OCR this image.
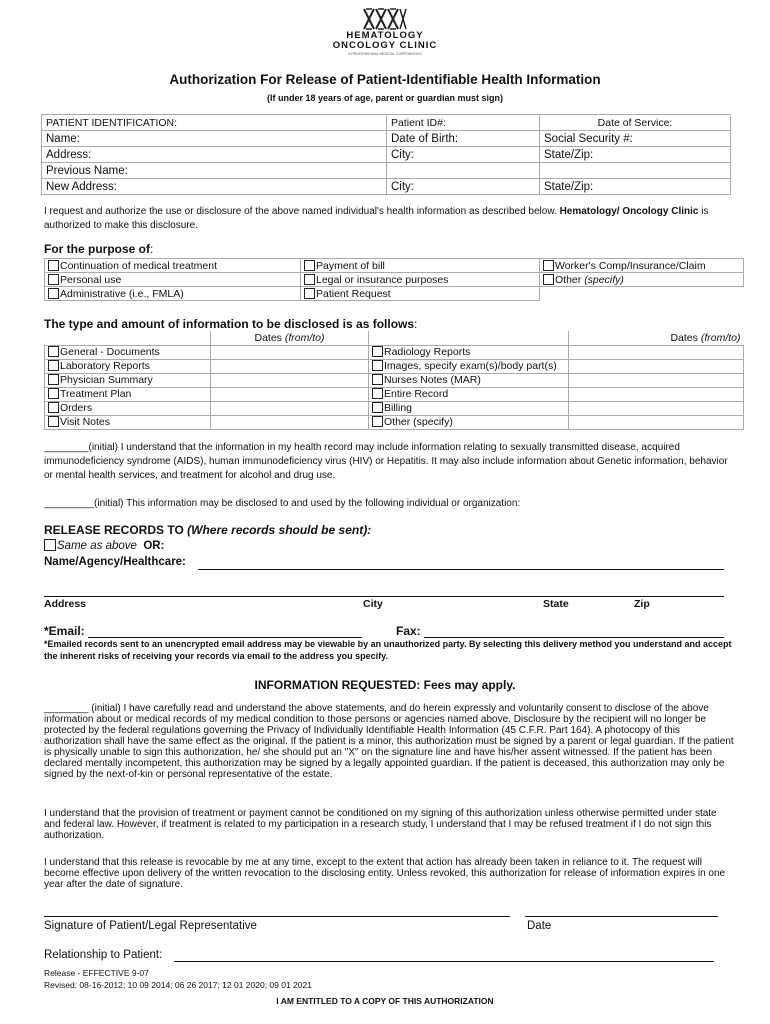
HEMATOLOGY
ONCOLOGY CLINIC
A PROFESSIONAL MEDICAL CORPORATION
Authorization For Release of Patient-Identifiable Health Information
(If under 18 years of age, parent or guardian must sign)
PATIENT IDENTIFICATION:	Patient ID#:	Date of Service:
Name:	Date of Birth:	Social Security #:
Address:	City:	State/Zip:
Previous Name:		
New Address:	City:	State/Zip:
I request and authorize the use or disclosure of the above named individual's health information as described below. Hematology/ Oncology Clinic is authorized to make this disclosure.
For the purpose of:
Continuation of medical treatment	Payment of bill	Worker's Comp/Insurance/Claim
Personal use	Legal or insurance purposes	Other (specify)
Administrative (i.e., FMLA)	Patient Request	
The type and amount of information to be disclosed is as follows:
	Dates (from/to)		Dates (from/to)
General - Documents		Radiology Reports	
Laboratory Reports		Images, specify exam(s)/body part(s)	
Physician Summary		Nurses Notes (MAR)	
Treatment Plan		Entire Record	
Orders		Billing	
Visit Notes		Other (specify)	
________(initial) I understand that the information in my health record may include information relating to sexually transmitted disease, acquired immunodeficiency syndrome (AIDS), human immunodeficiency virus (HIV) or Hepatitis. It may also include information about Genetic information, behavior or mental health services, and treatment for alcohol and drug use.
_________(initial) This information may be disclosed to and used by the following individual or organization:
RELEASE RECORDS TO (Where records should be sent):
Same as above OR:
Name/Agency/Healthcare:
Address	City	State	Zip
*Email:	Fax:
*Emailed records sent to an unencrypted email address may be viewable by an unauthorized party. By selecting this delivery method you understand and accept the inherent risks of receiving your records via email to the address you specify.
INFORMATION REQUESTED: Fees may apply.
________ (initial) I have carefully read and understand the above statements, and do herein expressly and voluntarily consent to disclose of the above information about or medical records of my medical condition to those persons or agencies named above. Disclosure by the recipient will no longer be protected by the federal regulations governing the Privacy of Individually Identifiable Health Information (45 C.F.R. Part 164). A photocopy of this authorization shall have the same effect as the original. If the patient is a minor, this authorization must be signed by a parent or legal guardian. If the patient is physically unable to sign this authorization, he/ she should put an "X" on the signature line and have his/her assent witnessed. If the patient has been declared mentally incompetent, this authorization may be signed by a legally appointed guardian. If the patient is deceased, this authorization may only be signed by the next-of-kin or personal representative of the estate.
I understand that the provision of treatment or payment cannot be conditioned on my signing of this authorization unless otherwise permitted under state and federal law. However, if treatment is related to my participation in a research study, I understand that I may be refused treatment if I do not sign this authorization.
I understand that this release is revocable by me at any time, except to the extent that action has already been taken in reliance to it. The request will become effective upon delivery of the written revocation to the disclosing entity. Unless revoked, this authorization for release of information expires in one year after the date of signature.
Signature of Patient/Legal Representative	Date
Relationship to Patient:
Release - EFFECTIVE 9-07
Revised: 08-16-2012; 10 09 2014; 06 26 2017; 12 01 2020; 09 01 2021
I AM ENTITLED TO A COPY OF THIS AUTHORIZATION
